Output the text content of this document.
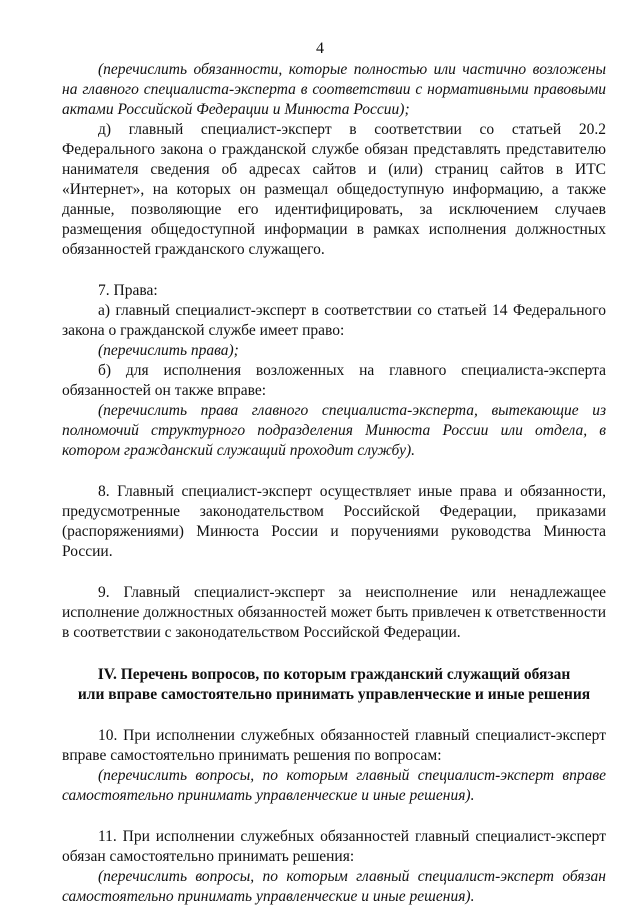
4

(перечислить обязанности, которые полностью или частично возложены на главного специалиста-эксперта в соответствии с нормативными правовыми актами Российской Федерации и Минюста России);

д) главный специалист-эксперт в соответствии со статьей 20.2 Федерального закона о гражданской службе обязан представлять представителю нанимателя сведения об адресах сайтов и (или) страниц сайтов в ИТС «Интернет», на которых он размещал общедоступную информацию, а также данные, позволяющие его идентифицировать, за исключением случаев размещения общедоступной информации в рамках исполнения должностных обязанностей гражданского служащего.

7. Права:

а) главный специалист-эксперт в соответствии со статьей 14 Федерального закона о гражданской службе имеет право:

(перечислить права);

б) для исполнения возложенных на главного специалиста-эксперта обязанностей он также вправе:

(перечислить права главного специалиста-эксперта, вытекающие из полномочий структурного подразделения Минюста России или отдела, в котором гражданский служащий проходит службу).

8. Главный специалист-эксперт осуществляет иные права и обязанности, предусмотренные законодательством Российской Федерации, приказами (распоряжениями) Минюста России и поручениями руководства Минюста России.

9. Главный специалист-эксперт за неисполнение или ненадлежащее исполнение должностных обязанностей может быть привлечен к ответственности в соответствии с законодательством Российской Федерации.

IV. Перечень вопросов, по которым гражданский служащий обязан

или вправе самостоятельно принимать управленческие и иные решения

10. При исполнении служебных обязанностей главный специалист-эксперт вправе самостоятельно принимать решения по вопросам:

(перечислить вопросы, по которым главный специалист-эксперт вправе самостоятельно принимать управленческие и иные решения).

11. При исполнении служебных обязанностей главный специалист-эксперт обязан самостоятельно принимать решения:

(перечислить вопросы, по которым главный специалист-эксперт обязан самостоятельно принимать управленческие и иные решения).
